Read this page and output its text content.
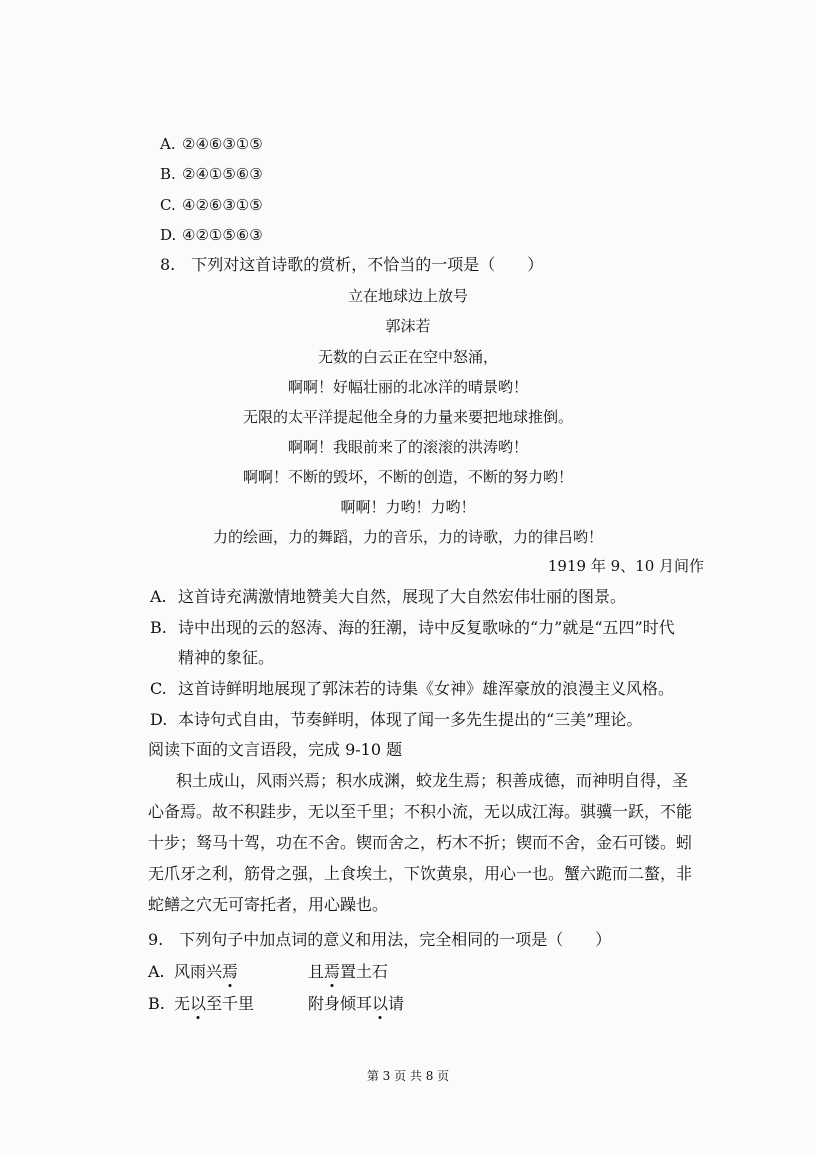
A. ②④⑥③①⑤
B. ②④①⑤⑥③
C. ④②⑥③①⑤
D. ④②①⑤⑥③
8.　下列对这首诗歌的赏析，不恰当的一项是（　　）
立在地球边上放号
郭沫若
无数的白云正在空中怒涌，
啊啊！好幅壮丽的北冰洋的晴景哟！
无限的太平洋提起他全身的力量来要把地球推倒。
啊啊！我眼前来了的滚滚的洪涛哟！
啊啊！不断的毁坏，不断的创造，不断的努力哟！
啊啊！力哟！力哟！
力的绘画，力的舞蹈，力的音乐，力的诗歌，力的律吕哟！
1919 年 9、10 月间作
A. 这首诗充满激情地赞美大自然，展现了大自然宏伟壮丽的图景。
B. 诗中出现的云的怒涛、海的狂潮，诗中反复歌咏的“力”就是“五四”时代
精神的象征。
C. 这首诗鲜明地展现了郭沫若的诗集《女神》雄浑豪放的浪漫主义风格。
D. 本诗句式自由，节奏鲜明，体现了闻一多先生提出的“三美”理论。
阅读下面的文言语段，完成 9-10 题
积土成山，风雨兴焉；积水成渊，蛟龙生焉；积善成德，而神明自得，圣
心备焉。故不积跬步，无以至千里；不积小流，无以成江海。骐骥一跃，不能
十步；驽马十驾，功在不舍。锲而舍之，朽木不折；锲而不舍，金石可镂。蚓
无爪牙之利，筋骨之强，上食埃土，下饮黄泉，用心一也。蟹六跪而二螯，非
蛇鳝之穴无可寄托者，用心躁也。
9.　下列句子中加点词的意义和用法，完全相同的一项是（　　）
A. 风雨兴焉	且焉置土石
B. 无以至千里	附身倾耳以请
第 3 页 共 8 页
